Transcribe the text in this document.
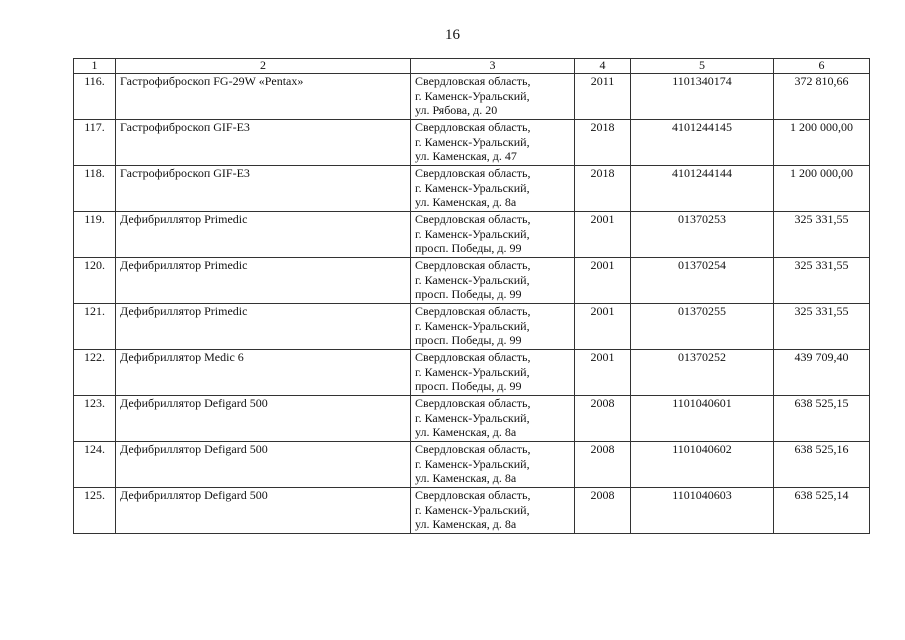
16
1	2	3	4	5	6
116.	Гастрофиброскоп FG-29W «Pentax»	Свердловская область,
г. Каменск-Уральский,
ул. Рябова, д. 20	2011	1101340174	372 810,66
117.	Гастрофиброскоп GIF-E3	Свердловская область,
г. Каменск-Уральский,
ул. Каменская, д. 47	2018	4101244145	1 200 000,00
118.	Гастрофиброскоп GIF-E3	Свердловская область,
г. Каменск-Уральский,
ул. Каменская, д. 8а	2018	4101244144	1 200 000,00
119.	Дефибриллятор Primedic	Свердловская область,
г. Каменск-Уральский,
просп. Победы, д. 99	2001	01370253	325 331,55
120.	Дефибриллятор Primedic	Свердловская область,
г. Каменск-Уральский,
просп. Победы, д. 99	2001	01370254	325 331,55
121.	Дефибриллятор Primedic	Свердловская область,
г. Каменск-Уральский,
просп. Победы, д. 99	2001	01370255	325 331,55
122.	Дефибриллятор Medic 6	Свердловская область,
г. Каменск-Уральский,
просп. Победы, д. 99	2001	01370252	439 709,40
123.	Дефибриллятор Defigard 500	Свердловская область,
г. Каменск-Уральский,
ул. Каменская, д. 8а	2008	1101040601	638 525,15
124.	Дефибриллятор Defigard 500	Свердловская область,
г. Каменск-Уральский,
ул. Каменская, д. 8а	2008	1101040602	638 525,16
125.	Дефибриллятор Defigard 500	Свердловская область,
г. Каменск-Уральский,
ул. Каменская, д. 8а	2008	1101040603	638 525,14
